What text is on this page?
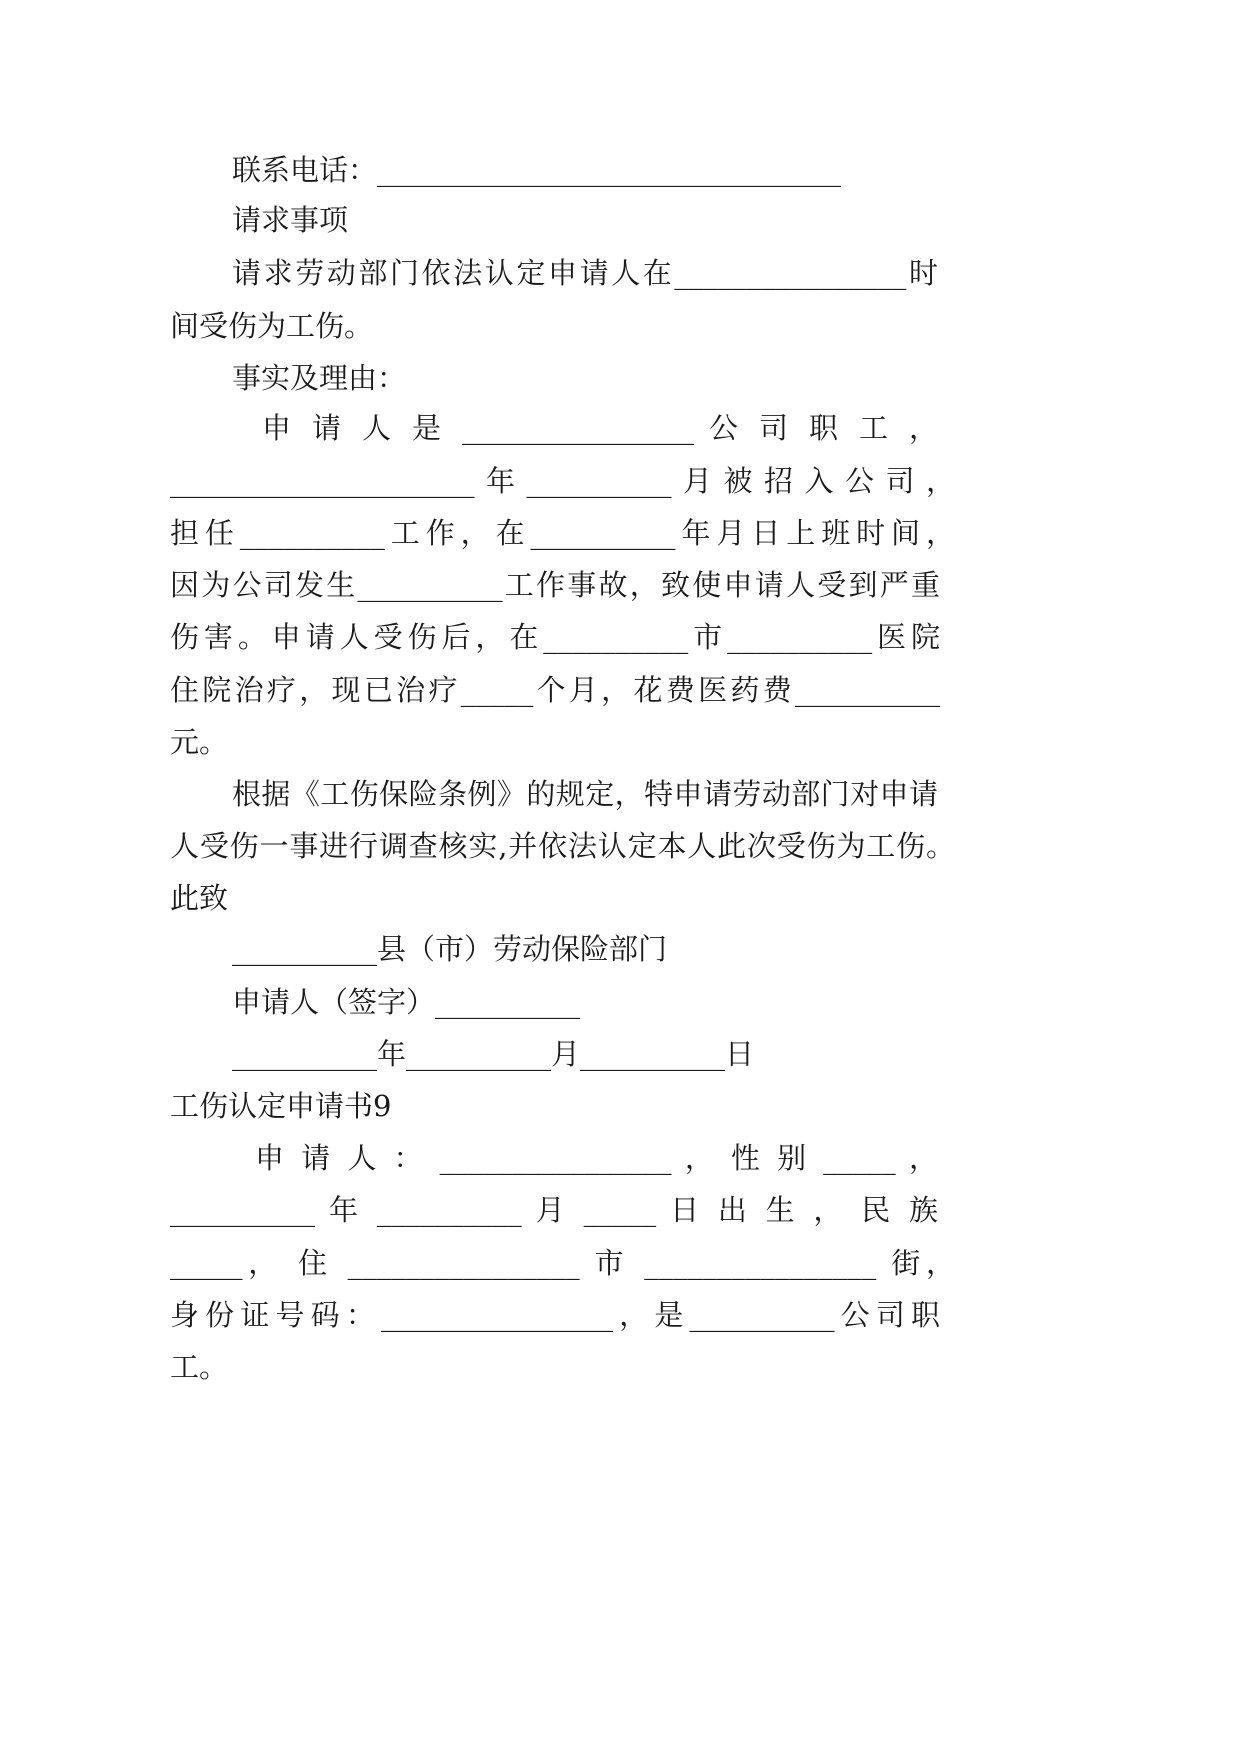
联系电话：________________________________
请求事项
请求劳动部门依法认定申请人在________________时
间受伤为工伤。
事实及理由：
申 请 人 是 ________________ 公 司 职 工 ，
_____________________年__________月被招入公司，
担任__________工作，在__________年月日上班时间，
因为公司发生__________工作事故，致使申请人受到严重
伤害。申请人受伤后，在__________市__________医院
住院治疗，现已治疗_____个月，花费医药费__________
元。
根据《工伤保险条例》的规定，特申请劳动部门对申请
人受伤一事进行调查核实,并依法认定本人此次受伤为工伤。
此致
__________县（市）劳动保险部门
申请人（签字）__________
__________年__________月__________日
工伤认定申请书9
申 请 人 ： ________________ ， 性 别 _____ ，
__________ 年 __________ 月 _____ 日 出 生 ， 民 族
_____， 住 ________________ 市 ________________ 街，
身份证号码：________________，是__________公司职
工。
